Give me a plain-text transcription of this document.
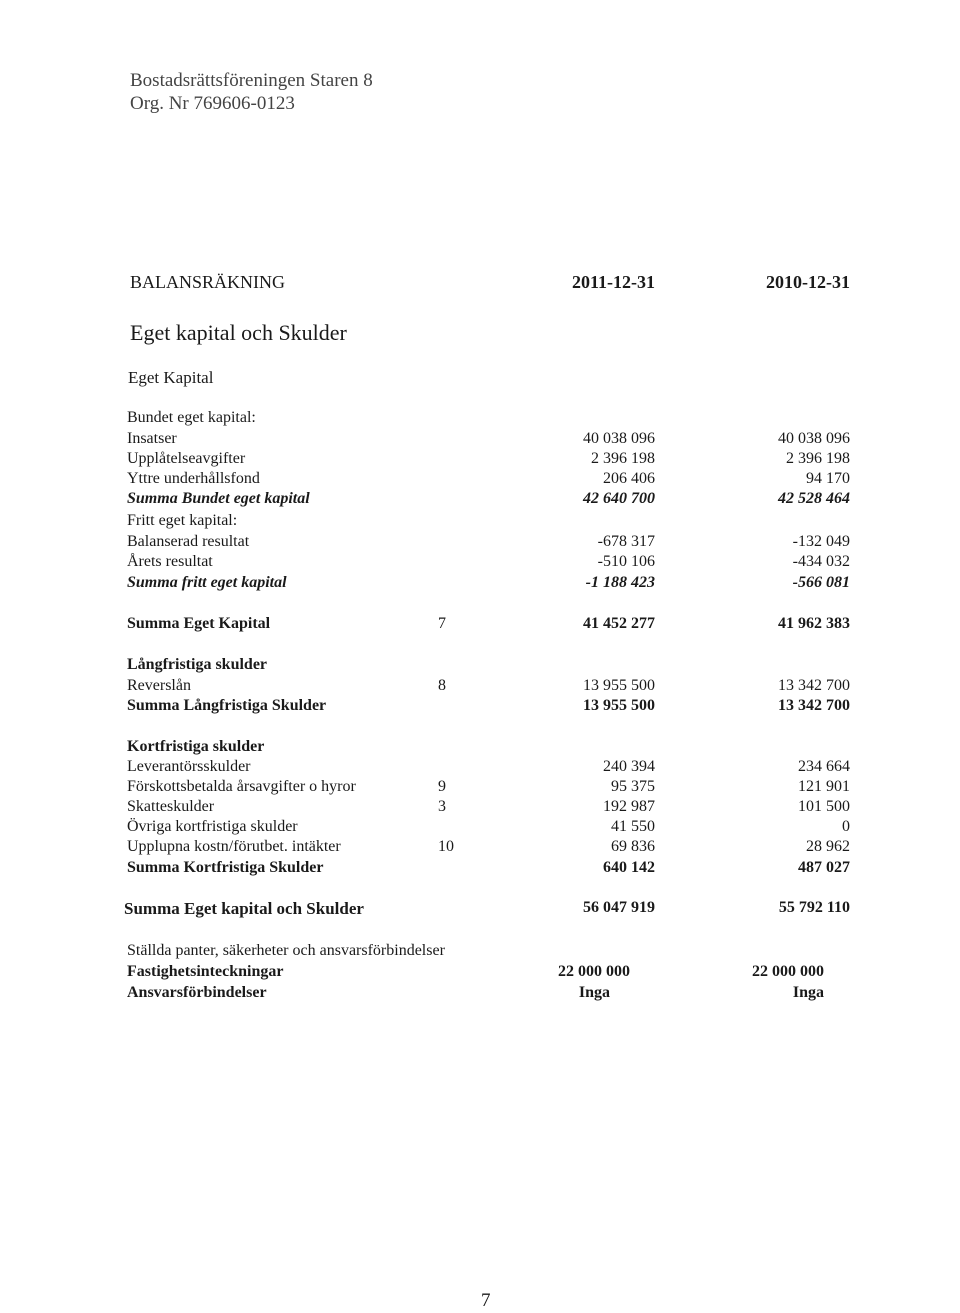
Bostadsrättsföreningen Staren 8
Org. Nr 769606-0123
BALANSRÄKNING	2011-12-31	2010-12-31
Eget kapital och Skulder
Eget Kapital
Bundet eget kapital:
Insatser	40 038 096	40 038 096
Upplåtelseavgifter	2 396 198	2 396 198
Yttre underhållsfond	206 406	94 170
Summa Bundet eget kapital	42 640 700	42 528 464
Fritt eget kapital:
Balanserad resultat	-678 317	-132 049
Årets resultat	-510 106	-434 032
Summa fritt eget kapital	-1 188 423	-566 081
Summa Eget Kapital	7	41 452 277	41 962 383
Långfristiga skulder
Reverslån	8	13 955 500	13 342 700
Summa Långfristiga Skulder	13 955 500	13 342 700
Kortfristiga skulder
Leverantörsskulder	240 394	234 664
Förskottsbetalda årsavgifter o hyror	9	95 375	121 901
Skatteskulder	3	192 987	101 500
Övriga kortfristiga skulder	41 550	0
Upplupna kostn/förutbet. intäkter	10	69 836	28 962
Summa Kortfristiga Skulder	640 142	487 027
Summa Eget kapital och Skulder	56 047 919	55 792 110
Ställda panter, säkerheter och ansvarsförbindelser
Fastighetsinteckningar	22 000 000	22 000 000
Ansvarsförbindelser	Inga	Inga
7
